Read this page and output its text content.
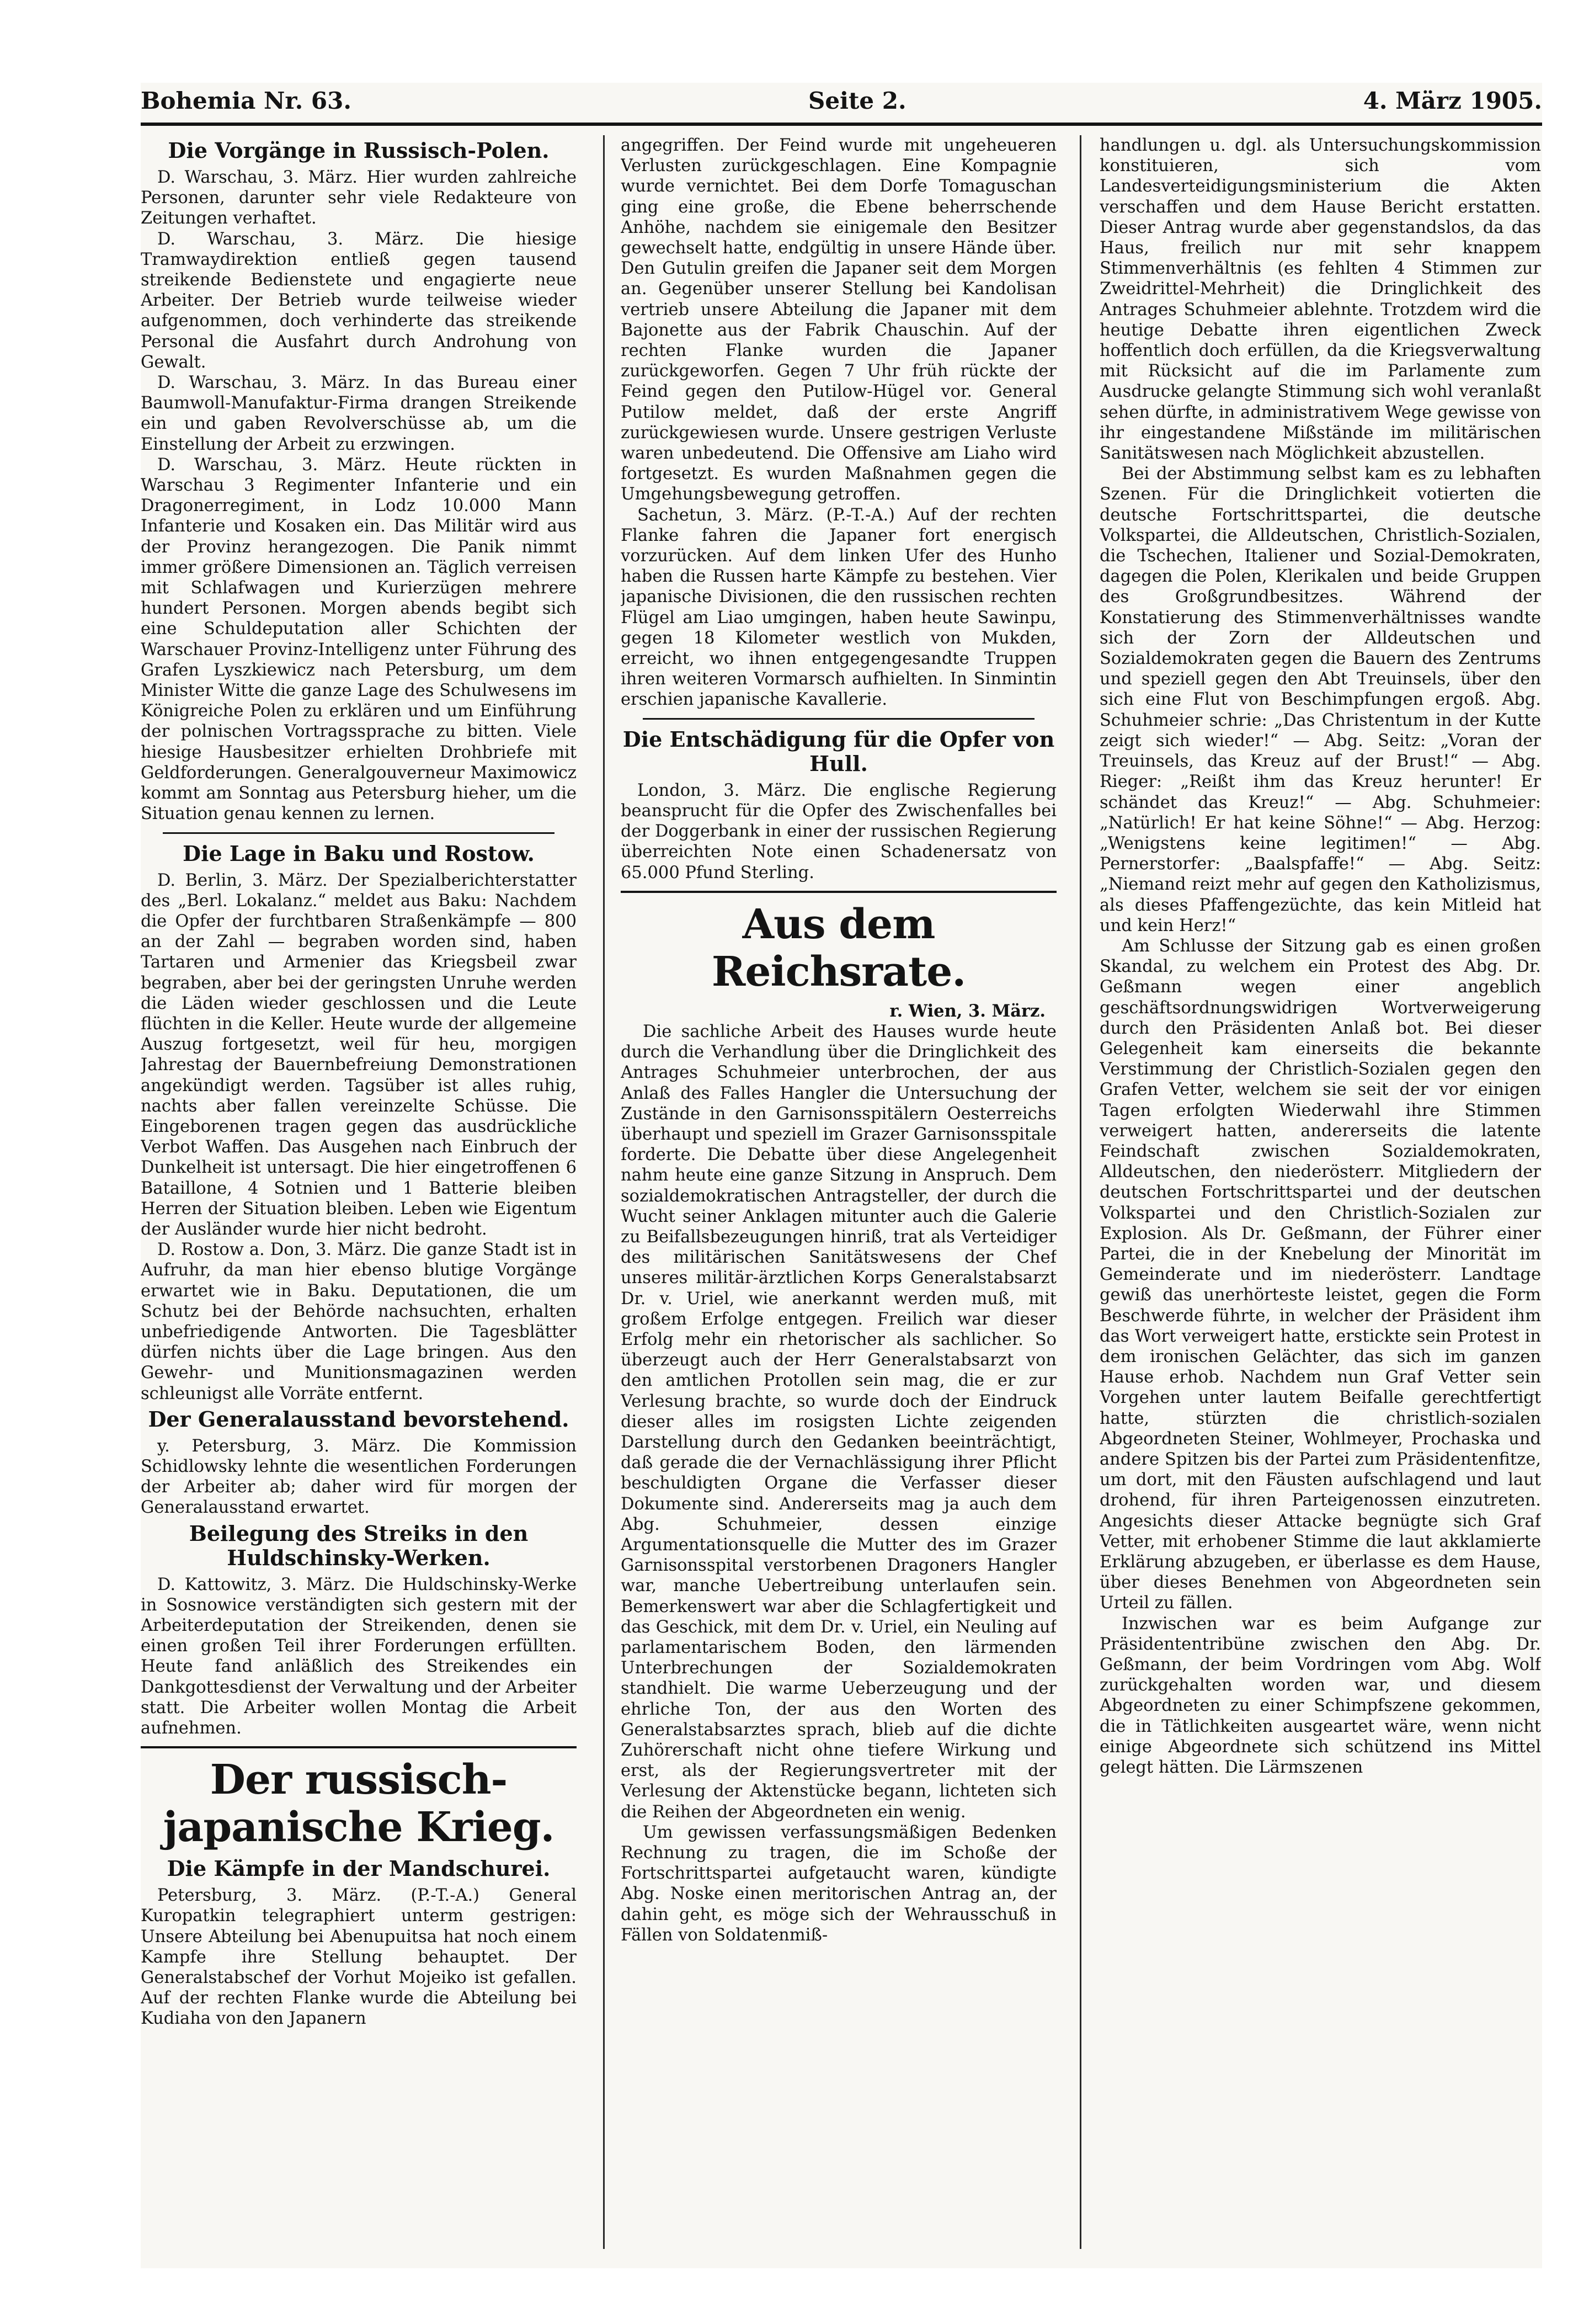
Bohemia Nr. 63.	Seite 2.	4. März 1905.
Die Vorgänge in Russisch-Polen.

D. Warschau, 3. März. Hier wurden zahlreiche Personen, darunter sehr viele Redakteure von Zeitungen verhaftet.

D. Warschau, 3. März. Die hiesige Tramwaydirektion entließ gegen tausend streikende Bedienstete und engagierte neue Arbeiter. Der Betrieb wurde teilweise wieder aufgenommen, doch verhinderte das streikende Personal die Ausfahrt durch Androhung von Gewalt.

D. Warschau, 3. März. In das Bureau einer Baumwoll-Manufaktur-Firma drangen Streikende ein und gaben Revolverschüsse ab, um die Einstellung der Arbeit zu erzwingen.

D. Warschau, 3. März. Heute rückten in Warschau 3 Regimenter Infanterie und ein Dragonerregiment, in Lodz 10.000 Mann Infanterie und Kosaken ein. Das Militär wird aus der Provinz herangezogen. Die Panik nimmt immer größere Dimensionen an. Täglich verreisen mit Schlafwagen und Kurierzügen mehrere hundert Personen. Morgen abends begibt sich eine Schuldeputation aller Schichten der Warschauer Provinz-Intelligenz unter Führung des Grafen Lyszkiewicz nach Petersburg, um dem Minister Witte die ganze Lage des Schulwesens im Königreiche Polen zu erklären und um Einführung der polnischen Vortragssprache zu bitten. Viele hiesige Hausbesitzer erhielten Drohbriefe mit Geldforderungen. Generalgouverneur Maximowicz kommt am Sonntag aus Petersburg hieher, um die Situation genau kennen zu lernen.

Die Lage in Baku und Rostow.

D. Berlin, 3. März. Der Spezialberichterstatter des „Berl. Lokalanz.“ meldet aus Baku: Nachdem die Opfer der furchtbaren Straßenkämpfe — 800 an der Zahl — begraben worden sind, haben Tartaren und Armenier das Kriegsbeil zwar begraben, aber bei der geringsten Unruhe werden die Läden wieder geschlossen und die Leute flüchten in die Keller. Heute wurde der allgemeine Auszug fortgesetzt, weil für heu, morgigen Jahrestag der Bauernbefreiung Demonstrationen angekündigt werden. Tagsüber ist alles ruhig, nachts aber fallen vereinzelte Schüsse. Die Eingeborenen tragen gegen das ausdrückliche Verbot Waffen. Das Ausgehen nach Einbruch der Dunkelheit ist untersagt. Die hier eingetroffenen 6 Bataillone, 4 Sotnien und 1 Batterie bleiben Herren der Situation bleiben. Leben wie Eigentum der Ausländer wurde hier nicht bedroht.

D. Rostow a. Don, 3. März. Die ganze Stadt ist in Aufruhr, da man hier ebenso blutige Vorgänge erwartet wie in Baku. Deputationen, die um Schutz bei der Behörde nachsuchten, erhalten unbefriedigende Antworten. Die Tagesblätter dürfen nichts über die Lage bringen. Aus den Gewehr- und Munitionsmagazinen werden schleunigst alle Vorräte entfernt.

Der Generalausstand bevorstehend.

y. Petersburg, 3. März. Die Kommission Schidlowsky lehnte die wesentlichen Forderungen der Arbeiter ab; daher wird für morgen der Generalausstand erwartet.

Beilegung des Streiks in den Huldschinsky-Werken.

D. Kattowitz, 3. März. Die Huldschinsky-Werke in Sosnowice verständigten sich gestern mit der Arbeiterdeputation der Streikenden, denen sie einen großen Teil ihrer Forderungen erfüllten. Heute fand anläßlich des Streikendes ein Dankgottesdienst der Verwaltung und der Arbeiter statt. Die Arbeiter wollen Montag die Arbeit aufnehmen.

Der russisch-japanische Krieg.
Die Kämpfe in der Mandschurei.

Petersburg, 3. März. (P.-T.-A.) General Kuropatkin telegraphiert unterm gestrigen: Unsere Abteilung bei Abenupuitsa hat noch einem Kampfe ihre Stellung behauptet. Der Generalstabschef der Vorhut Mojeiko ist gefallen. Auf der rechten Flanke wurde die Abteilung bei Kudiaha von den Japanern

angegriffen. Der Feind wurde mit ungeheueren Verlusten zurückgeschlagen. Eine Kompagnie wurde vernichtet. Bei dem Dorfe Tomaguschan ging eine große, die Ebene beherrschende Anhöhe, nachdem sie einigemale den Besitzer gewechselt hatte, endgültig in unsere Hände über. Den Gutulin greifen die Japaner seit dem Morgen an. Gegenüber unserer Stellung bei Kandolisan vertrieb unsere Abteilung die Japaner mit dem Bajonette aus der Fabrik Chauschin. Auf der rechten Flanke wurden die Japaner zurückgeworfen. Gegen 7 Uhr früh rückte der Feind gegen den Putilow-Hügel vor. General Putilow meldet, daß der erste Angriff zurückgewiesen wurde. Unsere gestrigen Verluste waren unbedeutend. Die Offensive am Liaho wird fortgesetzt. Es wurden Maßnahmen gegen die Umgehungsbewegung getroffen.

Sachetun, 3. März. (P.-T.-A.) Auf der rechten Flanke fahren die Japaner fort energisch vorzurücken. Auf dem linken Ufer des Hunho haben die Russen harte Kämpfe zu bestehen. Vier japanische Divisionen, die den russischen rechten Flügel am Liao umgingen, haben heute Sawinpu, gegen 18 Kilometer westlich von Mukden, erreicht, wo ihnen entgegengesandte Truppen ihren weiteren Vormarsch aufhielten. In Sinmintin erschien japanische Kavallerie.

Die Entschädigung für die Opfer von Hull.

London, 3. März. Die englische Regierung beansprucht für die Opfer des Zwischenfalles bei der Doggerbank in einer der russischen Regierung überreichten Note einen Schadenersatz von 65.000 Pfund Sterling.

Aus dem Reichsrate.
r. Wien, 3. März.

Die sachliche Arbeit des Hauses wurde heute durch die Verhandlung über die Dringlichkeit des Antrages Schuhmeier unterbrochen, der aus Anlaß des Falles Hangler die Untersuchung der Zustände in den Garnisonsspitälern Oesterreichs überhaupt und speziell im Grazer Garnisonsspitale forderte. Die Debatte über diese Angelegenheit nahm heute eine ganze Sitzung in Anspruch. Dem sozialdemokratischen Antragsteller, der durch die Wucht seiner Anklagen mitunter auch die Galerie zu Beifallsbezeugungen hinriß, trat als Verteidiger des militärischen Sanitätswesens der Chef unseres militär-ärztlichen Korps Generalstabsarzt Dr. v. Uriel, wie anerkannt werden muß, mit großem Erfolge entgegen. Freilich war dieser Erfolg mehr ein rhetorischer als sachlicher. So überzeugt auch der Herr Generalstabsarzt von den amtlichen Protollen sein mag, die er zur Verlesung brachte, so wurde doch der Eindruck dieser alles im rosigsten Lichte zeigenden Darstellung durch den Gedanken beeinträchtigt, daß gerade die der Vernachlässigung ihrer Pflicht beschuldigten Organe die Verfasser dieser Dokumente sind. Andererseits mag ja auch dem Abg. Schuhmeier, dessen einzige Argumentationsquelle die Mutter des im Grazer Garnisonsspital verstorbenen Dragoners Hangler war, manche Uebertreibung unterlaufen sein. Bemerkenswert war aber die Schlagfertigkeit und das Geschick, mit dem Dr. v. Uriel, ein Neuling auf parlamentarischem Boden, den lärmenden Unterbrechungen der Sozialdemokraten standhielt. Die warme Ueberzeugung und der ehrliche Ton, der aus den Worten des Generalstabsarztes sprach, blieb auf die dichte Zuhörerschaft nicht ohne tiefere Wirkung und erst, als der Regierungsvertreter mit der Verlesung der Aktenstücke begann, lichteten sich die Reihen der Abgeordneten ein wenig.

Um gewissen verfassungsmäßigen Bedenken Rechnung zu tragen, die im Schoße der Fortschrittspartei aufgetaucht waren, kündigte Abg. Noske einen meritorischen Antrag an, der dahin geht, es möge sich der Wehrausschuß in Fällen von Soldatenmiß-

handlungen u. dgl. als Untersuchungskommission konstituieren, sich vom Landesverteidigungsministerium die Akten verschaffen und dem Hause Bericht erstatten. Dieser Antrag wurde aber gegenstandslos, da das Haus, freilich nur mit sehr knappem Stimmenverhältnis (es fehlten 4 Stimmen zur Zweidrittel-Mehrheit) die Dringlichkeit des Antrages Schuhmeier ablehnte. Trotzdem wird die heutige Debatte ihren eigentlichen Zweck hoffentlich doch erfüllen, da die Kriegsverwaltung mit Rücksicht auf die im Parlamente zum Ausdrucke gelangte Stimmung sich wohl veranlaßt sehen dürfte, in administrativem Wege gewisse von ihr eingestandene Mißstände im militärischen Sanitätswesen nach Möglichkeit abzustellen.

Bei der Abstimmung selbst kam es zu lebhaften Szenen. Für die Dringlichkeit votierten die deutsche Fortschrittspartei, die deutsche Volkspartei, die Alldeutschen, Christlich-Sozialen, die Tschechen, Italiener und Sozial-Demokraten, dagegen die Polen, Klerikalen und beide Gruppen des Großgrundbesitzes. Während der Konstatierung des Stimmenverhältnisses wandte sich der Zorn der Alldeutschen und Sozialdemokraten gegen die Bauern des Zentrums und speziell gegen den Abt Treuinsels, über den sich eine Flut von Beschimpfungen ergoß. Abg. Schuhmeier schrie: „Das Christentum in der Kutte zeigt sich wieder!“ — Abg. Seitz: „Voran der Treuinsels, das Kreuz auf der Brust!“ — Abg. Rieger: „Reißt ihm das Kreuz herunter! Er schändet das Kreuz!“ — Abg. Schuhmeier: „Natürlich! Er hat keine Söhne!“ — Abg. Herzog: „Wenigstens keine legitimen!“ — Abg. Pernerstorfer: „Baalspfaffe!“ — Abg. Seitz: „Niemand reizt mehr auf gegen den Katholizismus, als dieses Pfaffengezüchte, das kein Mitleid hat und kein Herz!“

Am Schlusse der Sitzung gab es einen großen Skandal, zu welchem ein Protest des Abg. Dr. Geßmann wegen einer angeblich geschäftsordnungswidrigen Wortverweigerung durch den Präsidenten Anlaß bot. Bei dieser Gelegenheit kam einerseits die bekannte Verstimmung der Christlich-Sozialen gegen den Grafen Vetter, welchem sie seit der vor einigen Tagen erfolgten Wiederwahl ihre Stimmen verweigert hatten, andererseits die latente Feindschaft zwischen Sozialdemokraten, Alldeutschen, den niederösterr. Mitgliedern der deutschen Fortschrittspartei und der deutschen Volkspartei und den Christlich-Sozialen zur Explosion. Als Dr. Geßmann, der Führer einer Partei, die in der Knebelung der Minorität im Gemeinderate und im niederösterr. Landtage gewiß das unerhörteste leistet, gegen die Form Beschwerde führte, in welcher der Präsident ihm das Wort verweigert hatte, erstickte sein Protest in dem ironischen Gelächter, das sich im ganzen Hause erhob. Nachdem nun Graf Vetter sein Vorgehen unter lautem Beifalle gerechtfertigt hatte, stürzten die christlich-sozialen Abgeordneten Steiner, Wohlmeyer, Prochaska und andere Spitzen bis der Partei zum Präsidentenfitze, um dort, mit den Fäusten aufschlagend und laut drohend, für ihren Parteigenossen einzutreten. Angesichts dieser Attacke begnügte sich Graf Vetter, mit erhobener Stimme die laut akklamierte Erklärung abzugeben, er überlasse es dem Hause, über dieses Benehmen von Abgeordneten sein Urteil zu fällen.

Inzwischen war es beim Aufgange zur Präsidententribüne zwischen den Abg. Dr. Geßmann, der beim Vordringen vom Abg. Wolf zurückgehalten worden war, und diesem Abgeordneten zu einer Schimpfszene gekommen, die in Tätlichkeiten ausgeartet wäre, wenn nicht einige Abgeordnete sich schützend ins Mittel gelegt hätten. Die Lärmszenen
